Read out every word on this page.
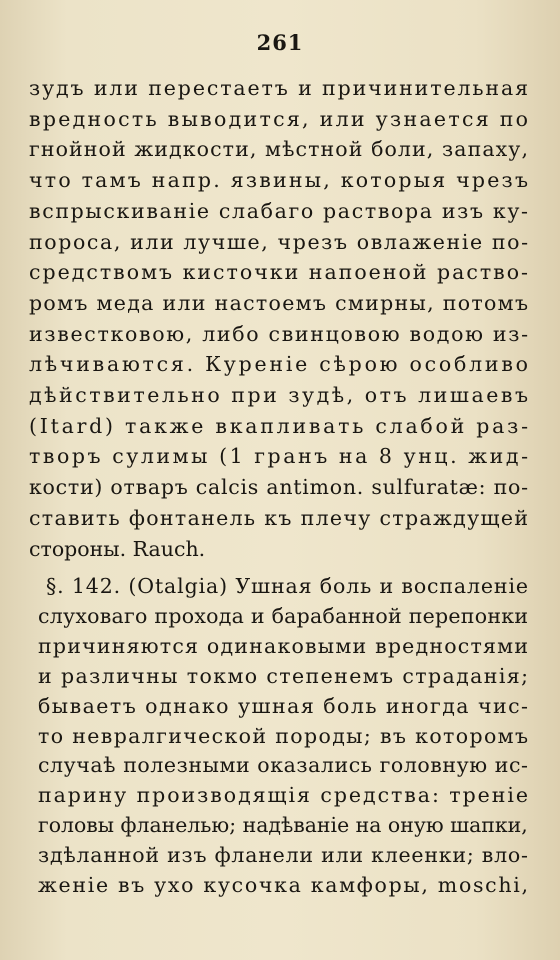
261
зудъ или перестаетъ и причинительная
вредность выводится, или узнается по
гнойной жидкости, мѣстной боли, запаху,
что тамъ напр. язвины, которыя чрезъ
вспрыскиваніе слабаго раствора изъ ку-
пороса, или лучше, чрезъ овлаженіе по-
средствомъ кисточки напоеной раство-
ромъ меда или настоемъ смирны, потомъ
известковою, либо свинцовою водою из-
лѣчиваются. Куреніе сѣрою особливо
дѣйствительно при зудѣ, отъ лишаевъ
(Itard) также вкапливать слабой раз-
творъ сулимы (1 гранъ на 8 унц. жид-
кости) отваръ calcis antimon. sulfuratæ: по-
ставить фонтанель къ плечу страждущей
стороны. Rauch.
§. 142. (Otalgia) Ушная боль и воспаленіе
слуховаго прохода и барабанной перепонки
причиняются одинаковыми вредностями
и различны токмо степенемъ страданія;
бываетъ однако ушная боль иногда чис-
то невралгической породы; въ которомъ
случаѣ полезными оказались головную ис-
парину производящія средства: треніе
головы фланелью; надѣваніе на оную шапки,
здѣланной изъ фланели или клеенки; вло-
женіе въ ухо кусочка камфоры, moschi,
